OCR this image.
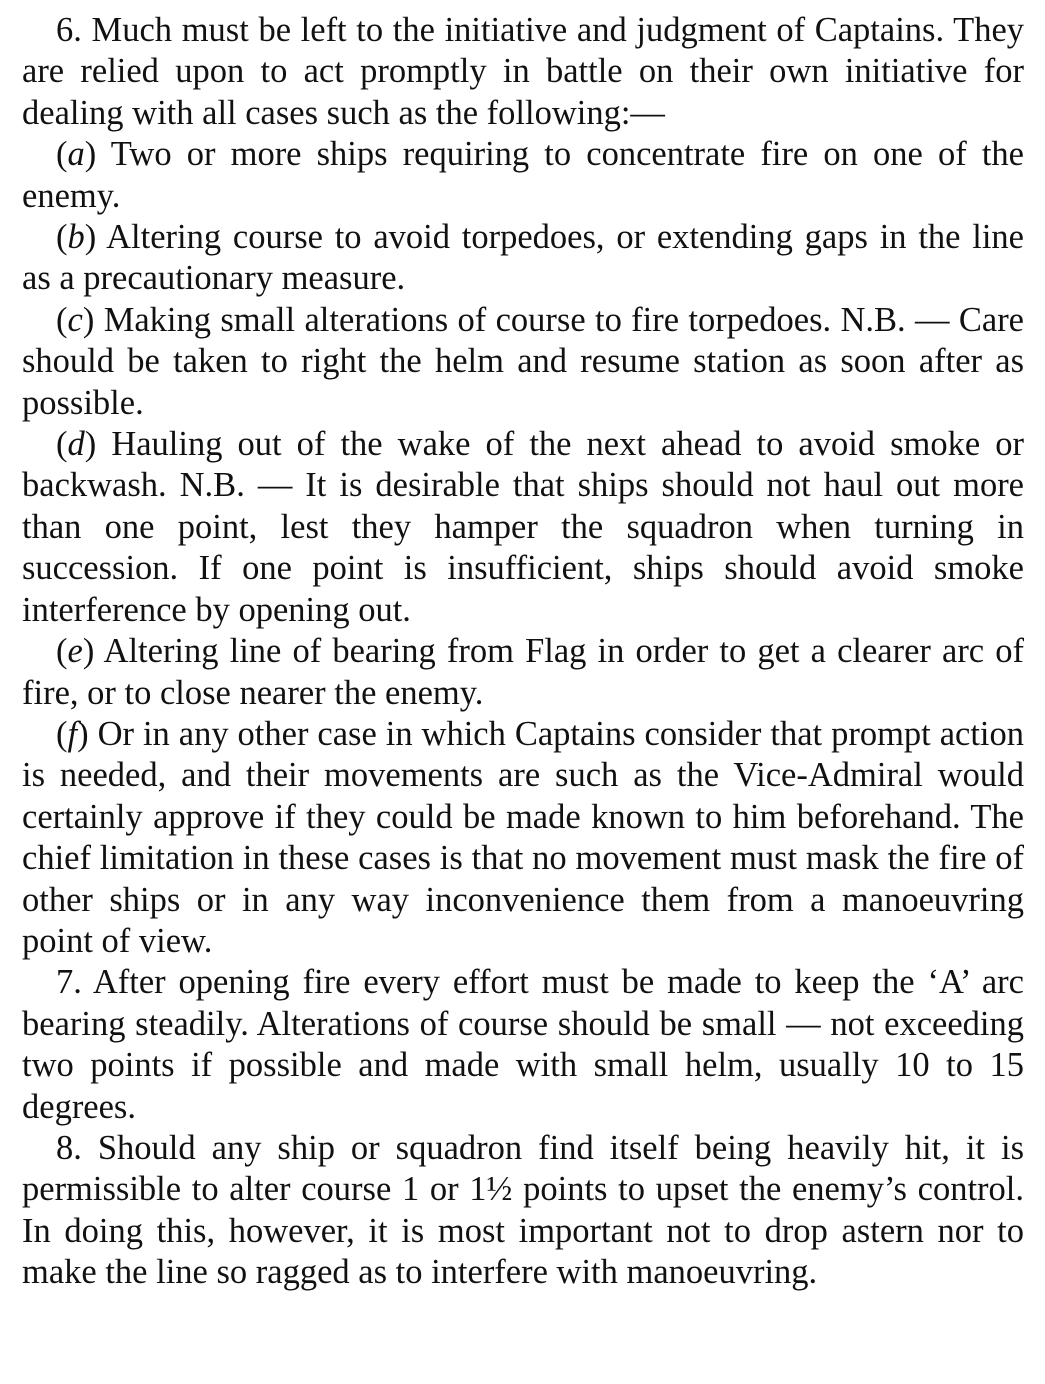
6. Much must be left to the initiative and judgment of Captains. They are relied upon to act promptly in battle on their own initiative for dealing with all cases such as the following:—

(a) Two or more ships requiring to concentrate fire on one of the enemy.

(b) Altering course to avoid torpedoes, or extending gaps in the line as a precautionary measure.

(c) Making small alterations of course to fire torpedoes. N.B. — Care should be taken to right the helm and resume station as soon after as possible.

(d) Hauling out of the wake of the next ahead to avoid smoke or backwash. N.B. — It is desirable that ships should not haul out more than one point, lest they hamper the squadron when turning in succession. If one point is insufficient, ships should avoid smoke interference by opening out.

(e) Altering line of bearing from Flag in order to get a clearer arc of fire, or to close nearer the enemy.

(f) Or in any other case in which Captains consider that prompt action is needed, and their movements are such as the Vice-Admiral would certainly approve if they could be made known to him beforehand. The chief limitation in these cases is that no movement must mask the fire of other ships or in any way inconvenience them from a manoeuvring point of view.

7. After opening fire every effort must be made to keep the ‘A’ arc bearing steadily. Alterations of course should be small — not exceeding two points if possible and made with small helm, usually 10 to 15 degrees.

8. Should any ship or squadron find itself being heavily hit, it is permissible to alter course 1 or 1½ points to upset the enemy’s control. In doing this, however, it is most important not to drop astern nor to make the line so ragged as to interfere with manoeuvring.
